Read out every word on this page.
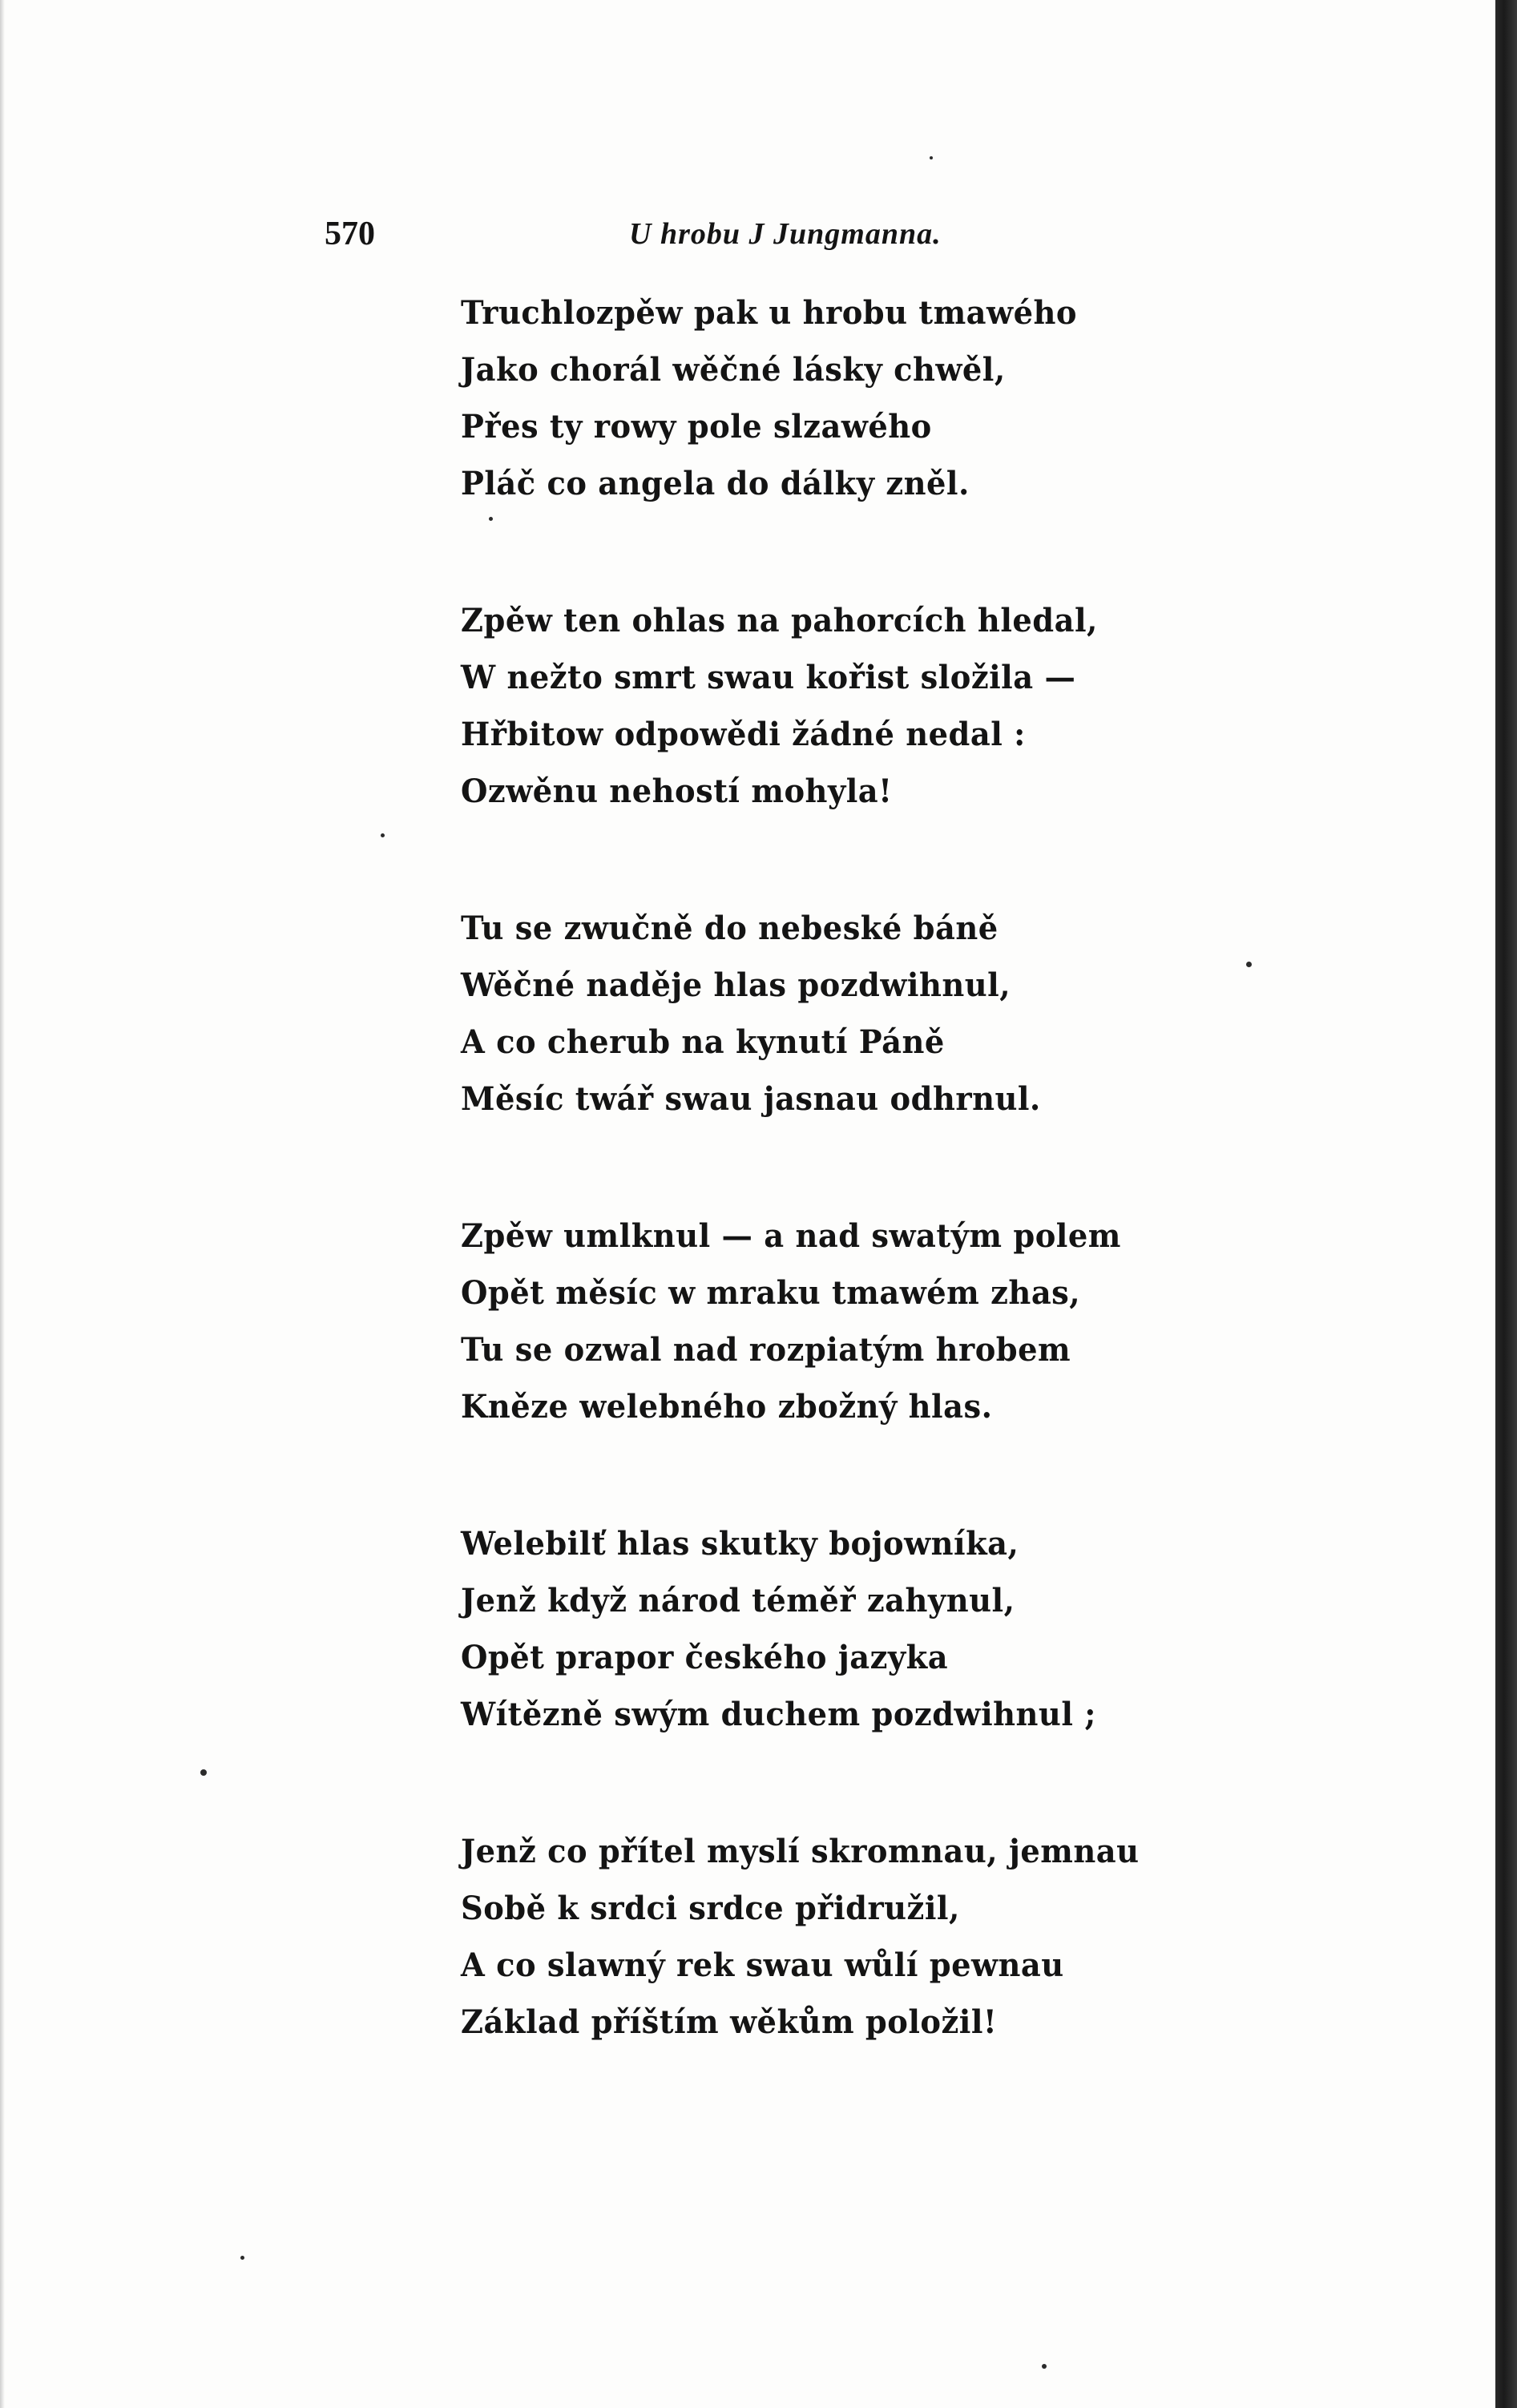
570	U hrobu J Jungmanna.
Truchlozpěw pak u hrobu tmawého
Jako chorál wěčné lásky chwěl,
Přes ty rowy pole slzawého
Pláč co angela do dálky zněl.
Zpěw ten ohlas na pahorcích hledal,
W nežto smrt swau kořist složila —
Hřbitow odpowědi žádné nedal :
Ozwěnu nehostí mohyla!
Tu se zwučně do nebeské báně
Wěčné naděje hlas pozdwihnul,
A co cherub na kynutí Páně
Měsíc twář swau jasnau odhrnul.
Zpěw umlknul — a nad swatým polem
Opět měsíc w mraku tmawém zhas,
Tu se ozwal nad rozpiatým hrobem
Kněze welebného zbožný hlas.
Welebilť hlas skutky bojowníka,
Jenž když národ téměř zahynul,
Opět prapor českého jazyka
Wítězně swým duchem pozdwihnul ;
Jenž co přítel myslí skromnau, jemnau
Sobě k srdci srdce přidružil,
A co slawný rek swau wůlí pewnau
Základ příštím wěkům položil!
